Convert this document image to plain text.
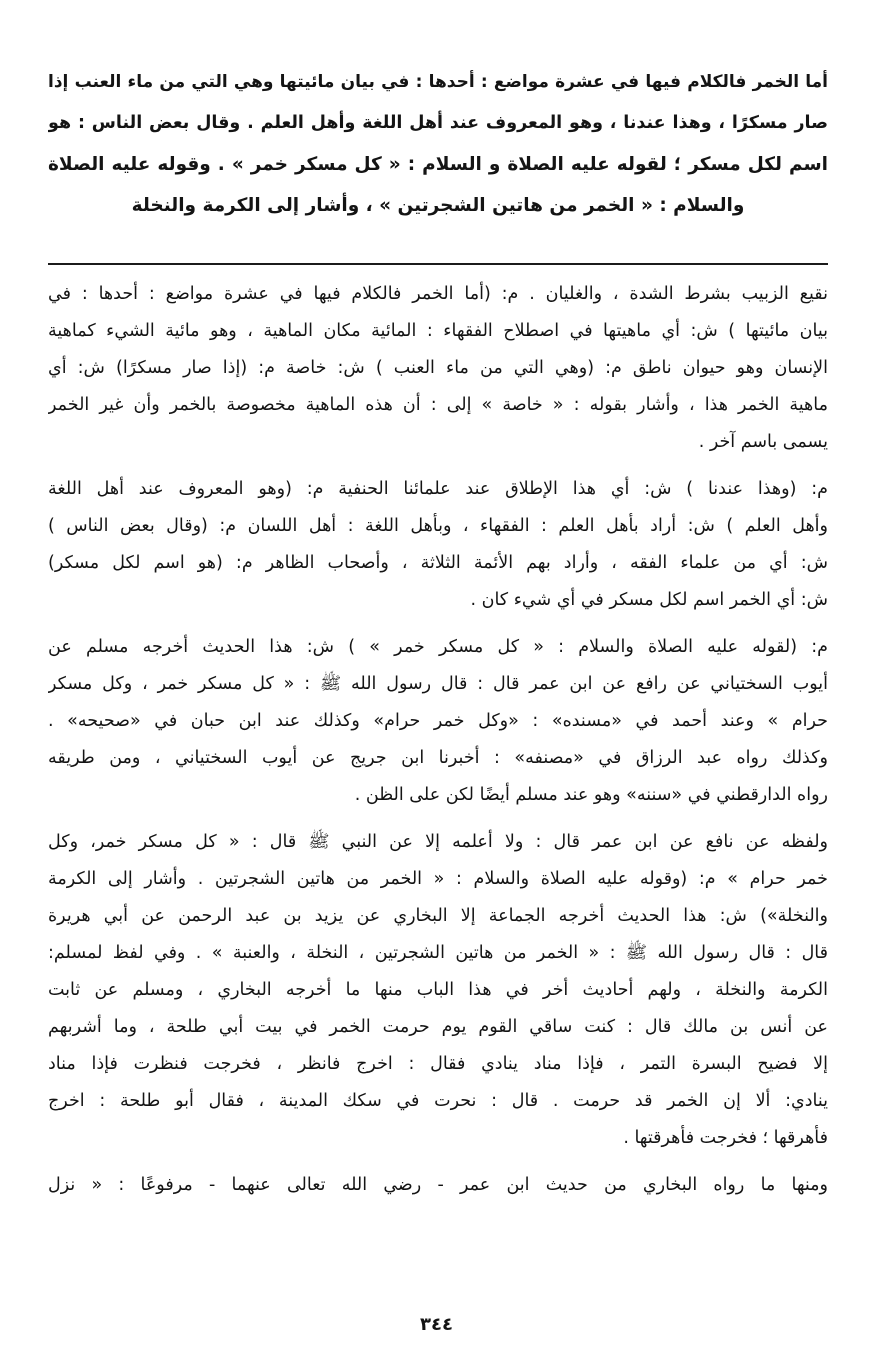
أما الخمر فالكلام فيها في عشرة مواضع : أحدها : في بيان مائيتها وهي التي من ماء العنب إذا
صار مسكرًا ، وهذا عندنا ، وهو المعروف عند أهل اللغة وأهل العلم . وقال بعض الناس : هو
اسم لكل مسكر ؛ لقوله عليه الصلاة و السلام : « كل مسكر خمر » . وقوله عليه الصلاة
والسلام : « الخمر من هاتين الشجرتين » ، وأشار إلى الكرمة والنخلة
نقيع الزبيب بشرط الشدة ، والغليان . م: (أما الخمر فالكلام فيها في عشرة مواضع : أحدها : في
بيان مائيتها ) ش: أي ماهيتها في اصطلاح الفقهاء : المائية مكان الماهية ، وهو مائية الشيء كماهية
الإنسان وهو حيوان ناطق م: (وهي التي من ماء العنب ) ش: خاصة م: (إذا صار مسكرًا) ش: أي
ماهية الخمر هذا ، وأشار بقوله : « خاصة » إلى : أن هذه الماهية مخصوصة بالخمر وأن غير الخمر
يسمى باسم آخر .
م: (وهذا عندنا ) ش: أي هذا الإطلاق عند علمائنا الحنفية م: (وهو المعروف عند أهل اللغة
وأهل العلم ) ش: أراد بأهل العلم : الفقهاء ، وبأهل اللغة : أهل اللسان م: (وقال بعض الناس )
ش: أي من علماء الفقه ، وأراد بهم الأئمة الثلاثة ، وأصحاب الظاهر م: (هو اسم لكل مسكر)
ش: أي الخمر اسم لكل مسكر في أي شيء كان .
م: (لقوله عليه الصلاة والسلام : « كل مسكر خمر » ) ش: هذا الحديث أخرجه مسلم عن
أيوب السختياني عن رافع عن ابن عمر قال : قال رسول الله ﷺ : « كل مسكر خمر ، وكل مسكر
حرام » وعند أحمد في «مسنده» : «وكل خمر حرام» وكذلك عند ابن حبان في «صحيحه» .
وكذلك رواه عبد الرزاق في «مصنفه» : أخبرنا ابن جريج عن أيوب السختياني ، ومن طريقه
رواه الدارقطني في «سننه» وهو عند مسلم أيضًا لكن على الظن .
ولفظه عن نافع عن ابن عمر قال : ولا أعلمه إلا عن النبي ﷺ قال : « كل مسكر خمر، وكل
خمر حرام » م: (وقوله عليه الصلاة والسلام : « الخمر من هاتين الشجرتين . وأشار إلى الكرمة
والنخلة») ش: هذا الحديث أخرجه الجماعة إلا البخاري عن يزيد بن عبد الرحمن عن أبي هريرة
قال : قال رسول الله ﷺ : « الخمر من هاتين الشجرتين ، النخلة ، والعنبة » . وفي لفظ لمسلم:
الكرمة والنخلة ، ولهم أحاديث أخر في هذا الباب منها ما أخرجه البخاري ، ومسلم عن ثابت
عن أنس بن مالك قال : كنت ساقي القوم يوم حرمت الخمر في بيت أبي طلحة ، وما أشربهم
إلا فضيح البسرة التمر ، فإذا مناد ينادي فقال : اخرج فانظر ، فخرجت فنظرت فإذا مناد
ينادي: ألا إن الخمر قد حرمت . قال : نحرت في سكك المدينة ، فقال أبو طلحة : اخرج
فأهرقها ؛ فخرجت فأهرقتها .
ومنها ما رواه البخاري من حديث ابن عمر - رضي الله تعالى عنهما - مرفوعًا : « نزل
٣٤٤
